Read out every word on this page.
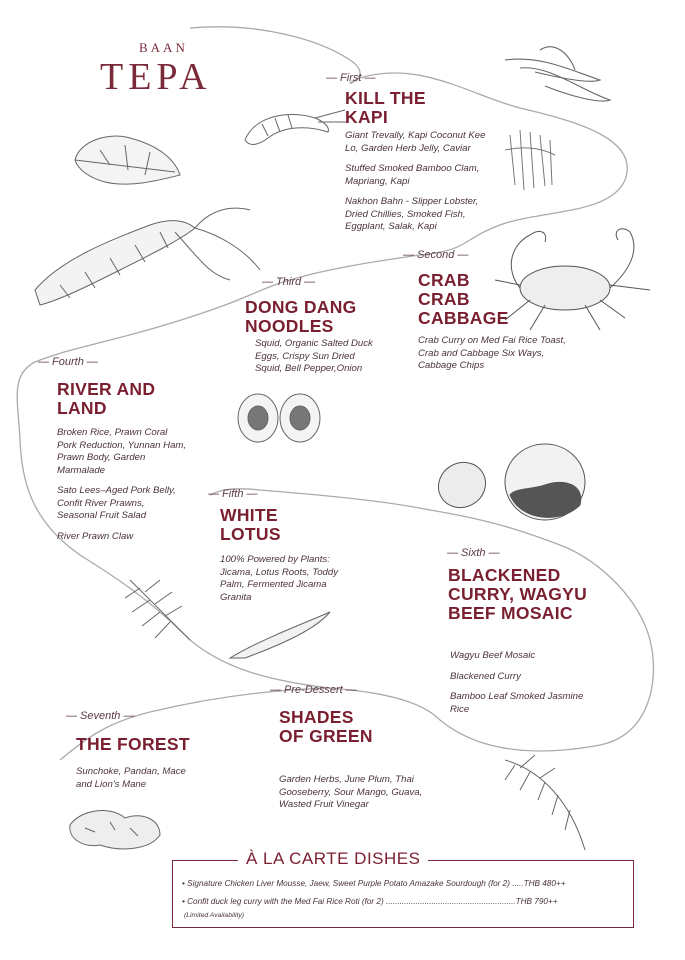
BAAN
TEPA	— First —
KILL THE KAPI

Giant Trevally, Kapi Coconut Kee Lo, Garden Herb Jelly, Caviar

Stuffed Smoked Bamboo Clam, Mapriang, Kapi

Nakhon Bahn - Slipper Lobster, Dried Chillies, Smoked Fish, Eggplant, Salak, Kapi

— Second —
CRAB CRAB CABBAGE

Crab Curry on Med Fai Rice Toast, Crab and Cabbage Six Ways, Cabbage Chips

— Third —
DONG DANG NOODLES

Squid, Organic Salted Duck Eggs, Crispy Sun Dried Squid, Bell Pepper,Onion

— Fourth —
RIVER AND LAND

Broken Rice, Prawn Coral Pork Reduction, Yunnan Ham, Prawn Body, Garden Marmalade

Sato Lees–Aged Pork Belly, Confit River Prawns, Seasonal Fruit Salad

River Prawn Claw

— Fifth —
WHITE LOTUS

100% Powered by Plants: Jicama, Lotus Roots, Toddy Palm, Fermented Jicama Granita

— Sixth —
BLACKENED CURRY, WAGYU BEEF MOSAIC

Wagyu Beef Mosaic

Blackened Curry

Bamboo Leaf Smoked Jasmine Rice

— Seventh —
THE FOREST

Sunchoke, Pandan, Mace and Lion's Mane

— Pre-Dessert —
SHADES OF GREEN

Garden Herbs, June Plum, Thai Gooseberry, Sour Mango, Guava, Wasted Fruit Vinegar

À LA CARTE DISHES
• Signature Chicken Liver Mousse, Jaew, Sweet Purple Potato Amazake Sourdough (for 2) .....THB 480++
• Confit duck leg curry with the Med Fai Rice Roti (for 2) .........................................................THB 790++
(Limited Availability)
